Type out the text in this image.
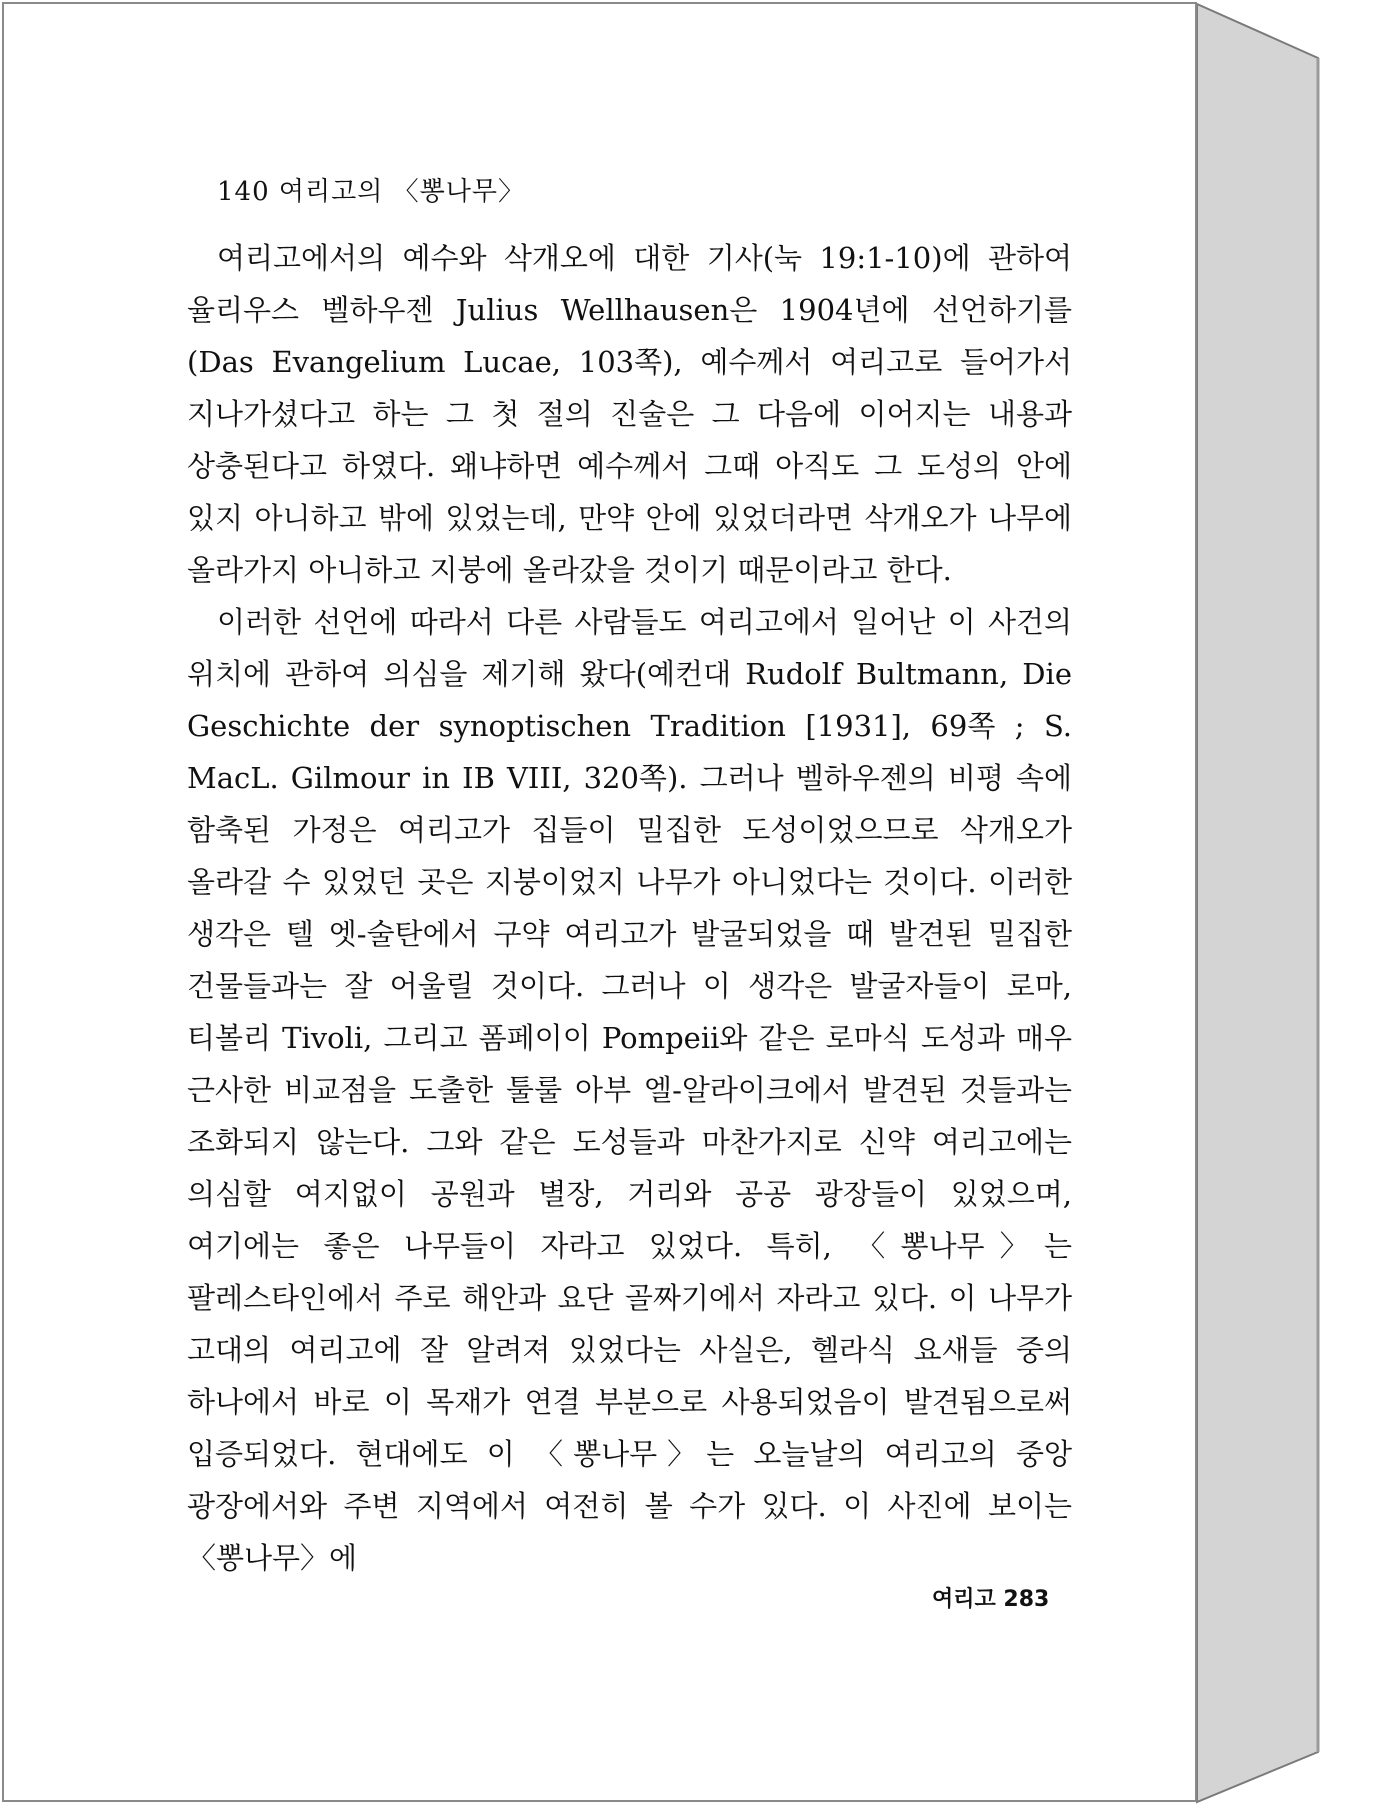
140 여리고의 〈뽕나무〉

여리고에서의 예수와 삭개오에 대한 기사(눅 19:1-10)에 관하여 율리우스 벨하우젠 Julius Wellhausen은 1904년에 선언하기를(Das Evangelium Lucae, 103쪽), 예수께서 여리고로 들어가서 지나가셨다고 하는 그 첫 절의 진술은 그 다음에 이어지는 내용과 상충된다고 하였다. 왜냐하면 예수께서 그때 아직도 그 도성의 안에 있지 아니하고 밖에 있었는데, 만약 안에 있었더라면 삭개오가 나무에 올라가지 아니하고 지붕에 올라갔을 것이기 때문이라고 한다.

이러한 선언에 따라서 다른 사람들도 여리고에서 일어난 이 사건의 위치에 관하여 의심을 제기해 왔다(예컨대 Rudolf Bultmann, Die Geschichte der synoptischen Tradition [1931], 69쪽 ; S. MacL. Gilmour in IB VIII, 320쪽). 그러나 벨하우젠의 비평 속에 함축된 가정은 여리고가 집들이 밀집한 도성이었으므로 삭개오가 올라갈 수 있었던 곳은 지붕이었지 나무가 아니었다는 것이다. 이러한 생각은 텔 엣-술탄에서 구약 여리고가 발굴되었을 때 발견된 밀집한 건물들과는 잘 어울릴 것이다. 그러나 이 생각은 발굴자들이 로마, 티볼리 Tivoli, 그리고 폼페이이 Pompeii와 같은 로마식 도성과 매우 근사한 비교점을 도출한 툴룰 아부 엘-알라이크에서 발견된 것들과는 조화되지 않는다. 그와 같은 도성들과 마찬가지로 신약 여리고에는 의심할 여지없이 공원과 별장, 거리와 공공 광장들이 있었으며, 여기에는 좋은 나무들이 자라고 있었다. 특히, 〈뽕나무〉는 팔레스타인에서 주로 해안과 요단 골짜기에서 자라고 있다. 이 나무가 고대의 여리고에 잘 알려져 있었다는 사실은, 헬라식 요새들 중의 하나에서 바로 이 목재가 연결 부분으로 사용되었음이 발견됨으로써 입증되었다. 현대에도 이 〈뽕나무〉는 오늘날의 여리고의 중앙 광장에서와 주변 지역에서 여전히 볼 수가 있다. 이 사진에 보이는 〈뽕나무〉에

여리고 283
